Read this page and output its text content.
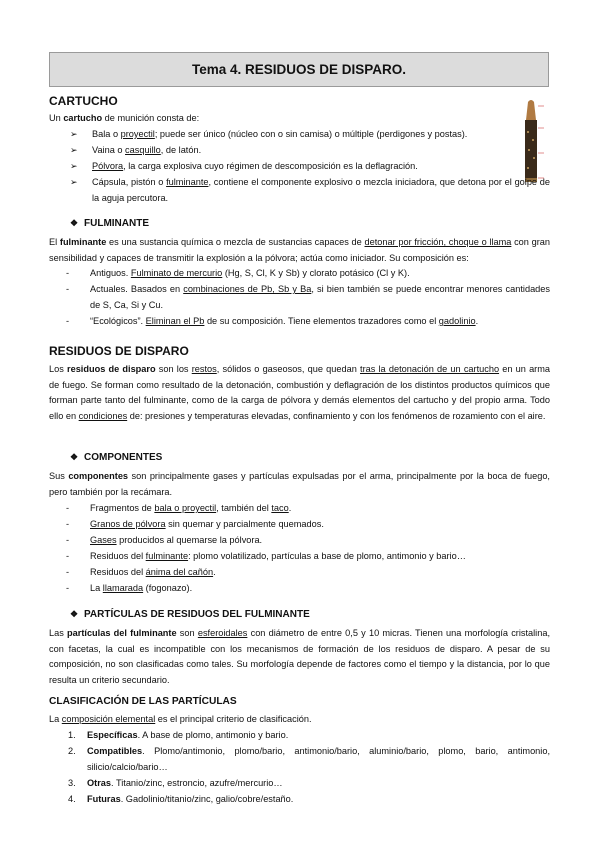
Tema 4. RESIDUOS DE DISPARO.
CARTUCHO
Un cartucho de munición consta de:
➢	Bala o proyectil; puede ser único (núcleo con o sin camisa) o múltiple (perdigones y postas).
➢	Vaina o casquillo, de latón.
➢	Pólvora, la carga explosiva cuyo régimen de descomposición es la deflagración.
➢	Cápsula, pistón o fulminante, contiene el componente explosivo o mezcla iniciadora, que detona por el golpe de la aguja percutora.
❖ FULMINANTE
El fulminante es una sustancia química o mezcla de sustancias capaces de detonar por fricción, choque o llama con gran sensibilidad y capaces de transmitir la explosión a la pólvora; actúa como iniciador. Su composición es:
-	Antiguos. Fulminato de mercurio (Hg, S, Cl, K y Sb) y clorato potásico (Cl y K).
-	Actuales. Basados en combinaciones de Pb, Sb y Ba, si bien también se puede encontrar menores cantidades de S, Ca, Si y Cu.
-	“Ecológicos”. Eliminan el Pb de su composición. Tiene elementos trazadores como el gadolinio.
RESIDUOS DE DISPARO
Los residuos de disparo son los restos, sólidos o gaseosos, que quedan tras la detonación de un cartucho en un arma de fuego. Se forman como resultado de la detonación, combustión y deflagración de los distintos productos químicos que forman parte tanto del fulminante, como de la carga de pólvora y demás elementos del cartucho y del propio arma. Todo ello en condiciones de: presiones y temperaturas elevadas, confinamiento y con los fenómenos de rozamiento con el aire.
❖ COMPONENTES
Sus componentes son principalmente gases y partículas expulsadas por el arma, principalmente por la boca de fuego, pero también por la recámara.
-	Fragmentos de bala o proyectil, también del taco.
-	Granos de pólvora sin quemar y parcialmente quemados.
-	Gases producidos al quemarse la pólvora.
-	Residuos del fulminante: plomo volatilizado, partículas a base de plomo, antimonio y bario…
-	Residuos del ánima del cañón.
-	La llamarada (fogonazo).
❖ PARTÍCULAS DE RESIDUOS DEL FULMINANTE
Las partículas del fulminante son esferoidales con diámetro de entre 0,5 y 10 micras. Tienen una morfología cristalina, con facetas, la cual es incompatible con los mecanismos de formación de los residuos de disparo. A pesar de su composición, no son clasificadas como tales. Su morfología depende de factores como el tiempo y la distancia, por lo que resulta un criterio secundario.
CLASIFICACIÓN DE LAS PARTÍCULAS
La composición elemental es el principal criterio de clasificación.
1.	Específicas. A base de plomo, antimonio y bario.
2.	Compatibles. Plomo/antimonio, plomo/bario, antimonio/bario, aluminio/bario, plomo, bario, antimonio, silicio/calcio/bario…
3.	Otras. Titanio/zinc, estroncio, azufre/mercurio…
4.	Futuras. Gadolinio/titanio/zinc, galio/cobre/estaño.
